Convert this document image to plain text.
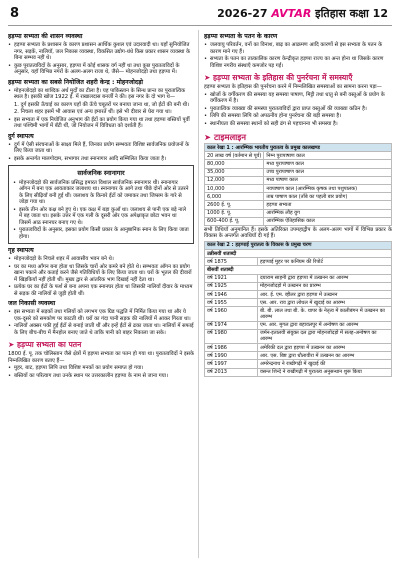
8	2026-27 AVTAR इतिहास कक्षा 12
हड़प्पा सभ्यता की शासन व्यवस्था
• हड़प्पा सभ्यता के प्रशासन के कारण प्रशासन आर्थिक कुशल एवं उदारवादी था। यहाँ सुनियोजित नगर, सड़कें, नालियाँ, जल निकास व्यवस्था, विकसित उद्योग-धंधे किस प्रकार शासन व्यवस्था के बिना सम्भव नहीं थे।
• कुछ पुरातत्वविदों के अनुसार, हड़प्पा में कोई शासक वर्ग नहीं था तथा कुछ पुरातत्वविदों के अनुसार, यहाँ विभिन्न नगरों के अलग-अलग राजा थे, जैसे— मोहनजोदड़ो तथा हड़प्पा में।
हड़प्पा सभ्यता का सबसे नियोजित शहरी केन्द्र : मोहनजोदड़ो
• मोहनजोदड़ो का शाब्दिक अर्थ मुर्दों का टीला है। यह पाकिस्तान के सिन्ध प्रान्त का पुरातात्विक स्थल है। इसकी खोज 1922 ई. में राखालदास बनर्जी ने की। इस नगर के दो भाग थे—
1. दुर्ग इसकी ऊँचाई का कारण यहाँ की ऊँचे चबूतरों पर बनाया जाना था, जो ईंटों की बनी थी।
2. निचला शहर इसमें भी आवास एवं अन्य इमारतें थीं। इसे भी दीवार से घेरा गया था।
• इस सभ्यता में एक नियोजित अनुभाग की ईंटों का प्रयोग किया गया था तथा हड़प्पा बस्तियों पूर्वी तथा पश्चिमी भागों में बँटी थीं, जो नियोजन में विविधता को दर्शाती हैं।
दुर्ग स्थापत्य
• दुर्ग में ऐसी संरचनाओं के साक्ष्य मिले हैं, जिनका प्रयोग सम्भवतः विशिष्ट सार्वजनिक प्रयोजनों के लिए किया जाता था।
• इसके अन्तर्गत मालगोदाम, सभागार तथा स्नानागार आदि सम्मिलित किया जाता है।
सार्वजनिक स्नानागार
• मोहनजोदड़ो की सार्वजनिक प्रसिद्ध इमारत विशाल सार्वजनिक स्नानागार थी। स्नानागार आँगन में बना एक आयताकार जलाशय था। स्नानागार के आगे तथा पीछे दोनों ओर से उतरने के लिए सीढ़ियाँ बनी हुई थीं। जलाशय के किनारे ईंटों को जमाकर तथा जिप्सम के गारे से जोड़ा गया था।
• इसके तीन ओर कक्ष बने हुए थे। एक कक्ष में बड़ा कुआँ था। जलाशय से पानी एक बड़े नाले में बह जाता था। इसके उत्तर में एक गली के दूसरी ओर एक अपेक्षाकृत छोटा भवन था जिसमें आठ स्नानघर बनाए गए थे।
• पुरातत्वविदों के अनुसार, इसका प्रयोग किसी प्रकार के आनुष्ठानिक स्नान के लिए किया जाता होगा।
गृह स्थापत्य
• मोहनजोदड़ो के निचले शहर में आवासीय भवन बने थे।
• घर का मध्य आँगन बना होता था जिसके चारों ओर कमरे बने होते थे। सम्भवतः आँगन का प्रयोग खाना पकाने और कताई करने जैसे गतिविधियों के लिए किया जाता था। घरों के भूतल की दीवारों में खिड़कियाँ नहीं होती थीं। मुख्य द्वार से आंतरिक भाग दिखाई नहीं देता था।
• प्रत्येक घर का ईंटों के फर्श से बना अपना एक स्नानघर होता था जिसकी नालियाँ दीवार के माध्यम से सड़क की नालियों से जुड़ी होती थीं।
जल निकासी व्यवस्था
• इस सभ्यता में सड़कों तथा गलियों को लगभग एक ग्रिड पद्धति में निर्मित किया गया था और ये एक-दूसरे को समकोण पर काटती थीं। घरों का गंदा पानी सड़क की नालियों में आकर गिरता था।
• नालियाँ अक्सर पकी हुई ईंटों से बनाई जाती थीं और इन्हें ईंटों से ढका जाता था। नालियों में सफाई के लिए बीच-बीच में मैनहोल बनाए जाते थे ताकि पानी को बाहर निकाला जा सके।
➤ हड़प्पा सभ्यता का पतन
1800 ई. पू. तक चोलिस्तान जैसे क्षेत्रों में हड़प्पा सभ्यता का पतन हो गया था। पुरातत्वविदों ने इसके निम्नलिखित कारण बताए हैं—
• मुहर, बाट, हड़प्पा लिपि तथा विशिष्ट मनकों का प्रयोग समाप्त हो गया।
• बस्तियों का परित्याग तथा उनके स्थान पर उत्तरकालीन हड़प्पा के नाम से जाना गया।
हड़प्पा सभ्यता के पतन के कारण
• जलवायु परिवर्तन, वनों का विनाश, बाढ़ का आक्रमण आदि कारणों से इस सभ्यता के पतन के कारण माने गए हैं।
• सभ्यता के पतन का तात्कालिक कारण केन्द्रीकृत हड़प्पा राज्य का अन्त होना था जिसके कारण विशिष्ट नगरीय संस्थाएँ कमजोर पड़ गईं।
➤ हड़प्पा सभ्यता के इतिहास की पुनर्रचना में समस्याएँ
हड़प्पा सभ्यता के इतिहास की पुनर्रचना करने में निम्नलिखित समस्याओं का सामना करना पड़ा—
• खोजों के वर्गीकरण की समस्या यह समस्या पाषाण, मिट्टी तथा धातु से बनी वस्तुओं के प्रयोग के वर्गीकरण में है।
• पुरातात्विक व्याख्या की समस्या पुरातत्वविदों द्वारा प्राप्त वस्तुओं की व्याख्या कठिन है।
• लिपि की समस्या लिपि को अपठनीय होना पुनर्रचना की बड़ी समस्या है।
• स्थानीयता की समस्या स्थानों को सही ढंग से पहचानना भी समस्या है।
➤ टाइमलाइन
काल रेखा 1 : आरम्भिक भारतीय पुरातत्व के प्रमुख कालखण्ड	
20 लाख वर्ष (वर्तमान से पूर्व)	निम्न पुरापाषाण काल
80,000	मध्य पुरापाषाण काल
35,000	उच्च पुरापाषाण काल
12,000	मध्य पाषाण काल
10,000	नवपाषाण काल (आरम्भिक कृषक तथा पशुपालक)
6,000	ताम्र पाषाण काल (ताँबे का पहली बार प्रयोग)
2600 ई. पू.	हड़प्पा सभ्यता
1000 ई. पू.	आरम्भिक लौह युग
600-400 ई. पू.	आरम्भिक ऐतिहासिक काल
सभी तिथियाँ अनुमानित हैं। इसके अतिरिक्त उपमहाद्वीप के अलग-अलग भागों में विभिन्न प्रकार के विकास के अन्तर्गत अवधियाँ दी गई हैं।
काल रेखा 2 : हड़प्पाई पुरातत्व के विकास के प्रमुख चरण	
उन्नीसवीं शताब्दी	
वर्ष 1875	हड़प्पाई मुहर पर कनिंघम की रिपोर्ट
बीसवीं शताब्दी	
वर्ष 1921	दयाराम साहनी द्वारा हड़प्पा में उत्खनन का आरम्भ
वर्ष 1925	मोहनजोदड़ो में उत्खनन का प्रारम्भ
वर्ष 1946	आर. ई. एम. व्हीलर द्वारा हड़प्पा में उत्खनन
वर्ष 1955	एस. आर. राव द्वारा लोथल में खुदाई का आरम्भ
वर्ष 1960	बी. बी. लाल तथा बी. के. थापर के नेतृत्व में कालीबंगन में उत्खनन का आरम्भ
वर्ष 1974	एम. आर. मुगल द्वारा बहावलपुर में अन्वेषण का आरम्भ
वर्ष 1980	जर्मन-इतालवी संयुक्त दल द्वारा मोहनजोदड़ो में सतह-अन्वेषण का आरम्भ
वर्ष 1986	अमेरिकी दल द्वारा हड़प्पा में उत्खनन का आरम्भ
वर्ष 1990	आर. एस. बिष्ट द्वारा धौलावीरा में उत्खनन का आरम्भ
वर्ष 1997	अमरेन्द्रनाथ ने राखीगढ़ी में खुदाई की
वर्ष 2013	वसन्त शिन्दे ने राखीगढ़ी में पुरातत्व अनुसन्धान शुरू किया
